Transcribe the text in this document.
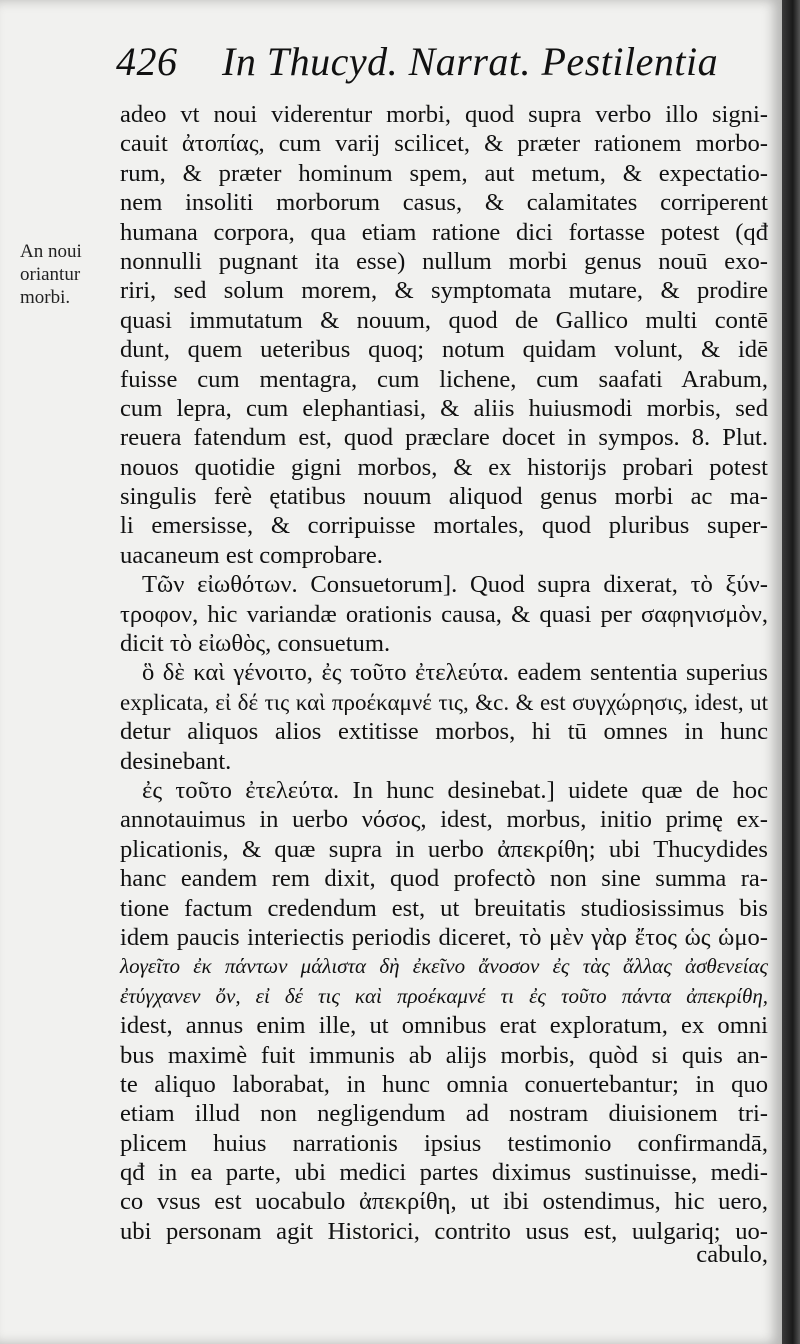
426 In Thucyd. Narrat. Pestilentia
An noui
oriantur
morbi.
adeo vt noui viderentur morbi, quod supra verbo illo signi-
cauit ἀτοπίας, cum varij scilicet, & præter rationem morbo-
rum, & præter hominum spem, aut metum, & expectatio-
nem insoliti morborum casus, & calamitates corriperent
humana corpora, qua etiam ratione dici fortasse potest (qđ
nonnulli pugnant ita esse) nullum morbi genus nouū exo-
riri, sed solum morem, & symptomata mutare, & prodire
quasi immutatum & nouum, quod de Gallico multi contē
dunt, quem ueteribus quoq; notum quidam volunt, & idē
fuisse cum mentagra, cum lichene, cum saafati Arabum,
cum lepra, cum elephantiasi, & aliis huiusmodi morbis, sed
reuera fatendum est, quod præclare docet in sympos. 8. Plut.
nouos quotidie gigni morbos, & ex historijs probari potest
singulis ferè ętatibus nouum aliquod genus morbi ac ma-
li emersisse, & corripuisse mortales, quod pluribus super-
uacaneum est comprobare.
Τῶν εἰωθότων. Consuetorum]. Quod supra dixerat, τὸ ξύν-
τροφον, hic variandæ orationis causa, & quasi per σαφηνισμὸν,
dicit τὸ εἰωθὸς, consuetum.
ὃ δὲ καὶ γένοιτο, ἐς τοῦτο ἐτελεύτα. eadem sententia superius
explicata, εἰ δέ τις καὶ προέκαμνέ τις, &c. & est συγχώρησις, idest, ut
detur aliquos alios extitisse morbos, hi tū omnes in hunc
desinebant.
ἐς τοῦτο ἐτελεύτα. In hunc desinebat.] uidete quæ de hoc
annotauimus in uerbo νόσος, idest, morbus, initio primę ex-
plicationis, & quæ supra in uerbo ἀπεκρίθη; ubi Thucydides
hanc eandem rem dixit, quod profectò non sine summa ra-
tione factum credendum est, ut breuitatis studiosissimus bis
idem paucis interiectis periodis diceret, τὸ μὲν γὰρ ἔτος ὡς ὡμο-
λογεῖτο ἐκ πάντων μάλιστα δὴ ἐκεῖνο ἄνοσον ἐς τὰς ἄλλας ἀσθενείας
ἐτύγχανεν ὄν, εἰ δέ τις καὶ προέκαμνέ τι ἐς τοῦτο πάντα ἀπεκρίθη,
idest, annus enim ille, ut omnibus erat exploratum, ex omni
bus maximè fuit immunis ab alijs morbis, quòd si quis an-
te aliquo laborabat, in hunc omnia conuertebantur; in quo
etiam illud non negligendum ad nostram diuisionem tri-
plicem huius narrationis ipsius testimonio confirmandā,
qđ in ea parte, ubi medici partes diximus sustinuisse, medi-
co vsus est uocabulo ἀπεκρίθη, ut ibi ostendimus, hic uero,
ubi personam agit Historici, contrito usus est, uulgariq; uo-
cabulo,
